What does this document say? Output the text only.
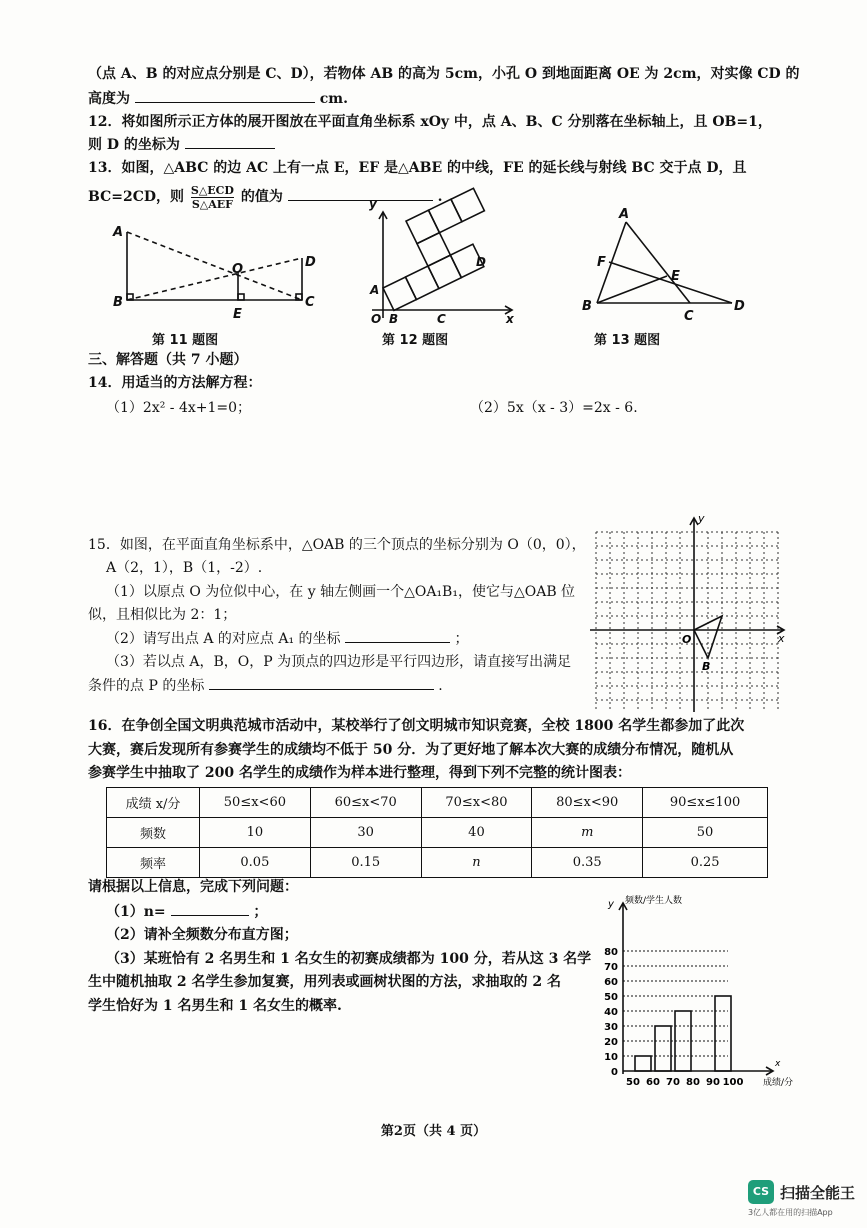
（点 A、B 的对应点分别是 C、D），若物体 AB 的高为 5cm，小孔 O 到地面距离 OE 为 2cm，对实像 CD 的
高度为	cm.
12．将如图所示正方体的展开图放在平面直角坐标系 xOy 中，点 A、B、C 分别落在坐标轴上，且 OB=1，
则 D 的坐标为
13．如图，△ABC 的边 AC 上有一点 E，EF 是△ABE 的中线，FE 的延长线与射线 BC 交于点 D，且
BC=2CD，则 $\frac{\text{S△ECD}}{\text{S△AEF}}$ 的值为	.
A
B
O	D
E
C
第 11 题图
y
A
D
O B	C	x
第 12 题图
A
F
E
B
C
D
第 13 题图
三、解答题（共 7 小题）
14．用适当的方法解方程：
（1）2x² - 4x+1=0；	（2）5x（x - 3）=2x - 6.
15．如图，在平面直角坐标系中，△OAB 的三个顶点的坐标分别为 O（0，0），
A（2，1），B（1，-2）.
（1）以原点 O 为位似中心，在 y 轴左侧画一个△OA₁B₁，使它与△OAB 位
似，且相似比为 2：1；
（2）请写出点 A 的对应点 A₁ 的坐标	；
（3）若以点 A，B，O，P 为顶点的四边形是平行四边形，请直接写出满足
条件的点 P 的坐标	.
y
O
B
x
16．在争创全国文明典范城市活动中，某校举行了创文明城市知识竞赛，全校 1800 名学生都参加了此次
大赛，赛后发现所有参赛学生的成绩均不低于 50 分．为了更好地了解本次大赛的成绩分布情况，随机从
参赛学生中抽取了 200 名学生的成绩作为样本进行整理，得到下列不完整的统计图表：
成绩 x/分	50≤x<60	60≤x<70	70≤x<80	80≤x<90	90≤x≤100
频数	10	30	40	m	50
频率	0.05	0.15	n	0.35	0.25
请根据以上信息，完成下列问题：
（1）n=	；
（2）请补全频数分布直方图；
（3）某班恰有 2 名男生和 1 名女生的初赛成绩都为 100 分，若从这 3 名学
生中随机抽取 2 名学生参加复赛，用列表或画树状图的方法，求抽取的 2 名
学生恰好为 1 名男生和 1 名女生的概率.
y 频数/学生人数
x
成绩/分
0
10
20
30
40
50
60
70
80
50 60 70 80 90 100
第2页（共 4 页）
CS 扫描全能王
3亿人都在用的扫描App
